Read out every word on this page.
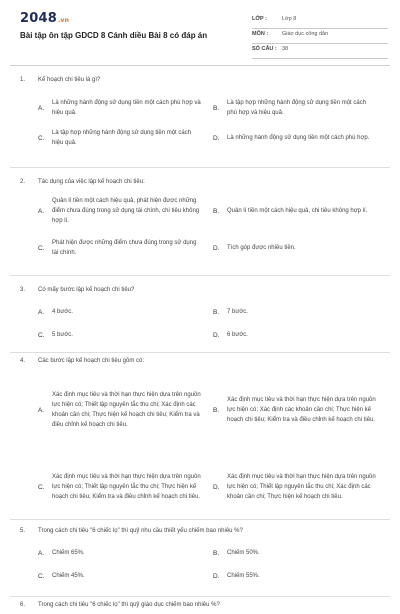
2048.vn
Bài tập ôn tập GDCD 8 Cánh diều Bài 8 có đáp án
LỚP :	Lớp 8
MÔN :	Giáo dục công dân
SỐ CÂU : 38
1. Kế hoạch chi tiêu là gì?
A.
Là những hành động sử dụng tiền một cách phù hợp và hiệu quả.
B.
Là tập hợp những hành động sử dụng tiền một cách phù hợp và hiệu quả.
C.
Là tập hợp những hành động sử dụng tiền một cách hiệu quả.
D.	Là những hành động sử dụng tiền một cách phù hợp.
2. Tác dụng của việc lập kế hoạch chi tiêu:
A.
Quản lí tiền một cách hiệu quả, phát hiện được những điểm chưa đúng trong sử dụng tài chính, chi tiêu không hợp lí.
B.	Quản lí tiền một cách hiệu quả, chi tiêu không hợp lí.
C.
Phát hiện được những điểm chưa đúng trong sử dụng tài chính.
D.	Tích góp được nhiều tiền.
3. Có mấy bước lập kế hoạch chi tiêu?
A.	4 bước.	B.	7 bước.
C.	5 bước.	D.	6 bước.
4. Các bước lập kế hoạch chi tiêu gồm có:
A.
Xác định mục tiêu và thời hạn thực hiện dựa trên nguồn lực hiện có; Thiết lập nguyên tắc thu chi; Xác định các khoản cần chi; Thực hiện kế hoạch chi tiêu; Kiểm tra và điều chỉnh kế hoạch chi tiêu.
B.
Xác định mục tiêu và thời hạn thực hiện dựa trên nguồn lực hiện có; Xác định các khoản cần chi; Thực hiện kế hoạch chi tiêu; Kiểm tra và điều chỉnh kế hoạch chi tiêu.
C.
Xác định mục tiêu và thời hạn thực hiện dựa trên nguồn lực hiện có; Thiết lập nguyên tắc thu chi; Thực hiện kế hoạch chi tiêu; Kiểm tra và điều chỉnh kế hoạch chi tiêu.
D.
Xác định mục tiêu và thời hạn thực hiện dựa trên nguồn lực hiện có; Thiết lập nguyên tắc thu chi; Xác định các khoản cần chi; Thực hiện kế hoạch chi tiêu.
5. Trong cách chi tiêu "6 chiếc lọ" thì quỹ nhu cầu thiết yếu chiếm bao nhiêu %?
A.	Chiếm 65%.	B.	Chiếm 50%.
C.	Chiếm 45%.	D.	Chiếm 55%.
6. Trong cách chi tiêu "6 chiếc lọ" thì quỹ giáo dục chiếm bao nhiêu %?
